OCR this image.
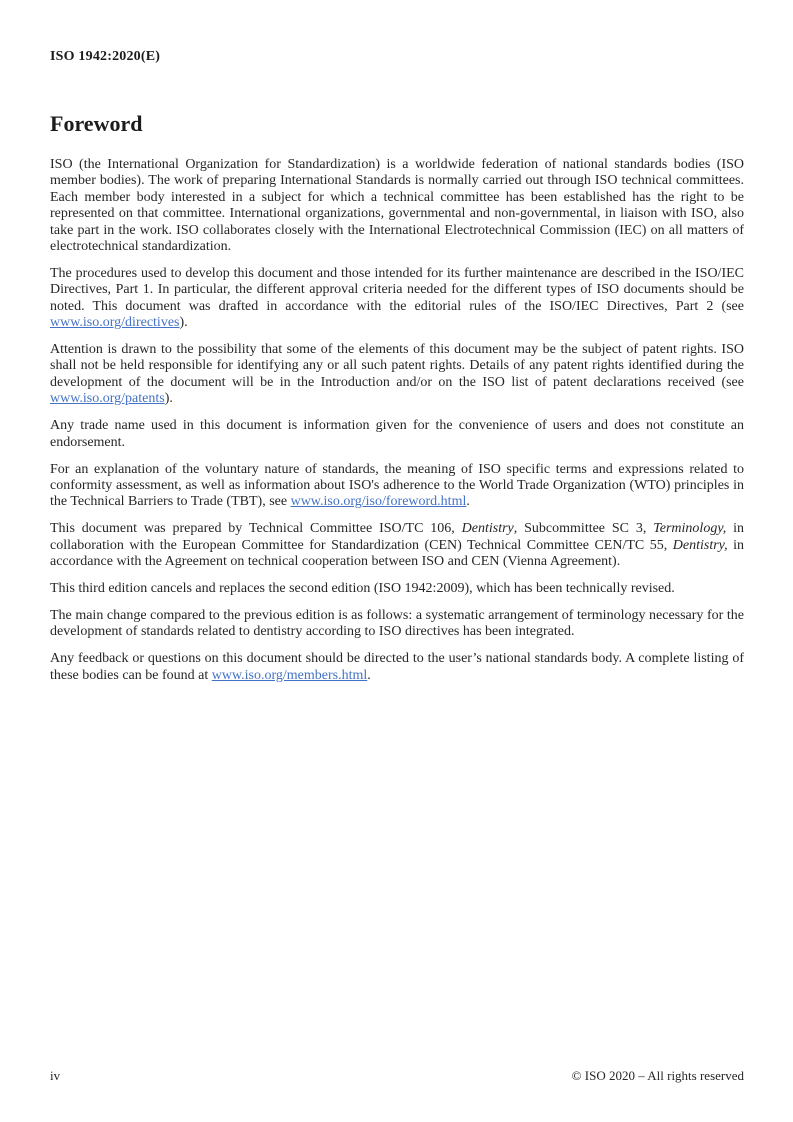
ISO 1942:2020(E)
Foreword

ISO (the International Organization for Standardization) is a worldwide federation of national standards bodies (ISO member bodies). The work of preparing International Standards is normally carried out through ISO technical committees. Each member body interested in a subject for which a technical committee has been established has the right to be represented on that committee. International organizations, governmental and non-governmental, in liaison with ISO, also take part in the work. ISO collaborates closely with the International Electrotechnical Commission (IEC) on all matters of electrotechnical standardization.

The procedures used to develop this document and those intended for its further maintenance are described in the ISO/IEC Directives, Part 1. In particular, the different approval criteria needed for the different types of ISO documents should be noted. This document was drafted in accordance with the editorial rules of the ISO/IEC Directives, Part 2 (see www.iso.org/directives).

Attention is drawn to the possibility that some of the elements of this document may be the subject of patent rights. ISO shall not be held responsible for identifying any or all such patent rights. Details of any patent rights identified during the development of the document will be in the Introduction and/or on the ISO list of patent declarations received (see www.iso.org/patents).

Any trade name used in this document is information given for the convenience of users and does not constitute an endorsement.

For an explanation of the voluntary nature of standards, the meaning of ISO specific terms and expressions related to conformity assessment, as well as information about ISO's adherence to the World Trade Organization (WTO) principles in the Technical Barriers to Trade (TBT), see www.iso.org/iso/foreword.html.

This document was prepared by Technical Committee ISO/TC 106, Dentistry, Subcommittee SC 3, Terminology, in collaboration with the European Committee for Standardization (CEN) Technical Committee CEN/TC 55, Dentistry, in accordance with the Agreement on technical cooperation between ISO and CEN (Vienna Agreement).

This third edition cancels and replaces the second edition (ISO 1942:2009), which has been technically revised.

The main change compared to the previous edition is as follows: a systematic arrangement of terminology necessary for the development of standards related to dentistry according to ISO directives has been integrated.

Any feedback or questions on this document should be directed to the user’s national standards body. A complete listing of these bodies can be found at www.iso.org/members.html.

iv	© ISO 2020 – All rights reserved
